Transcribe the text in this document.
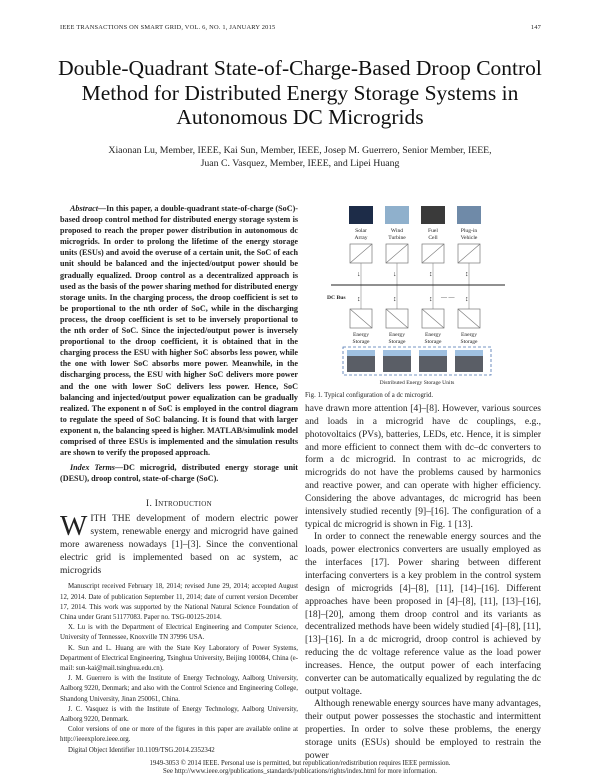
IEEE TRANSACTIONS ON SMART GRID, VOL. 6, NO. 1, JANUARY 2015	147
Double-Quadrant State-of-Charge-Based Droop Control Method for Distributed Energy Storage Systems in Autonomous DC Microgrids
Xiaonan Lu, Member, IEEE, Kai Sun, Member, IEEE, Josep M. Guerrero, Senior Member, IEEE,
Juan C. Vasquez, Member, IEEE, and Lipei Huang
Abstract—In this paper, a double-quadrant state-of-charge (SoC)-based droop control method for distributed energy storage system is proposed to reach the proper power distribution in autonomous dc microgrids. In order to prolong the lifetime of the energy storage units (ESUs) and avoid the overuse of a certain unit, the SoC of each unit should be balanced and the injected/output power should be gradually equalized. Droop control as a decentralized approach is used as the basis of the power sharing method for distributed energy storage units. In the charging process, the droop coefficient is set to be proportional to the nth order of SoC, while in the discharging process, the droop coefficient is set to be inversely proportional to the nth order of SoC. Since the injected/output power is inversely proportional to the droop coefficient, it is obtained that in the charging process the ESU with higher SoC absorbs less power, while the one with lower SoC absorbs more power. Meanwhile, in the discharging process, the ESU with higher SoC delivers more power and the one with lower SoC delivers less power. Hence, SoC balancing and injected/output power equalization can be gradually realized. The exponent n of SoC is employed in the control diagram to regulate the speed of SoC balancing. It is found that with larger exponent n, the balancing speed is higher. MATLAB/simulink model comprised of three ESUs is implemented and the simulation results are shown to verify the proposed approach.
Index Terms—DC microgrid, distributed energy storage unit (DESU), droop control, state-of-charge (SoC).
I. Introduction
WITH THE development of modern electric power system, renewable energy and microgrid have gained more awareness nowadays [1]–[3]. Since the conventional electric grid is implemented based on ac system, ac microgrids

Manuscript received February 18, 2014; revised June 29, 2014; accepted August 12, 2014. Date of publication September 11, 2014; date of current version December 17, 2014. This work was supported by the National Natural Science Foundation of China under Grant 51177083. Paper no. TSG-00125-2014.

X. Lu is with the Department of Electrical Engineering and Computer Science, University of Tennessee, Knoxville TN 37996 USA.

K. Sun and L. Huang are with the State Key Laboratory of Power Systems, Department of Electrical Engineering, Tsinghua University, Beijing 100084, China (e-mail: sun-kai@mail.tsinghua.edu.cn).

J. M. Guerrero is with the Institute of Energy Technology, Aalborg University, Aalborg 9220, Denmark; and also with the Control Science and Engineering College, Shandong University, Jinan 250061, China.

J. C. Vasquez is with the Institute of Energy Technology, Aalborg University, Aalborg 9220, Denmark.

Color versions of one or more of the figures in this paper are available online at http://ieeexplore.ieee.org.

Digital Object Identifier 10.1109/TSG.2014.2352342

Solar
Array
↓
↕
Energy
Storage
Wind
Turbine
↓
↕
Energy
Storage
Fuel
Cell
↕
↕
Energy
Storage
Plug-in
Vehicle
↕
↕
Energy
Storage
DC Bus	— —
Distributed Energy Storage Units
Fig. 1. Typical configuration of a dc microgrid.

have drawn more attention [4]–[8]. However, various sources and loads in a microgrid have dc couplings, e.g., photovoltaics (PVs), batteries, LEDs, etc. Hence, it is simpler and more efficient to connect them with dc–dc converters to form a dc microgrid. In contrast to ac microgrids, dc microgrids do not have the problems caused by harmonics and reactive power, and can operate with higher efficiency. Considering the above advantages, dc microgrid has been intensively studied recently [9]–[16]. The configuration of a typical dc microgrid is shown in Fig. 1 [13].

In order to connect the renewable energy sources and the loads, power electronics converters are usually employed as the interfaces [17]. Power sharing between different interfacing converters is a key problem in the control system design of microgrids [4]–[8], [11], [14]–[16]. Different approaches have been proposed in [4]–[8], [11], [13]–[16], [18]–[20], among them droop control and its variants as decentralized methods have been widely studied [4]–[8], [11], [13]–[16]. In a dc microgrid, droop control is achieved by reducing the dc voltage reference value as the load power increases. Hence, the output power of each interfacing converter can be automatically equalized by regulating the dc output voltage.

Although renewable energy sources have many advantages, their output power possesses the stochastic and intermittent properties. In order to solve these problems, the energy storage units (ESUs) should be employed to restrain the power

1949-3053 © 2014 IEEE. Personal use is permitted, but republication/redistribution requires IEEE permission.
See http://www.ieee.org/publications_standards/publications/rights/index.html for more information.
